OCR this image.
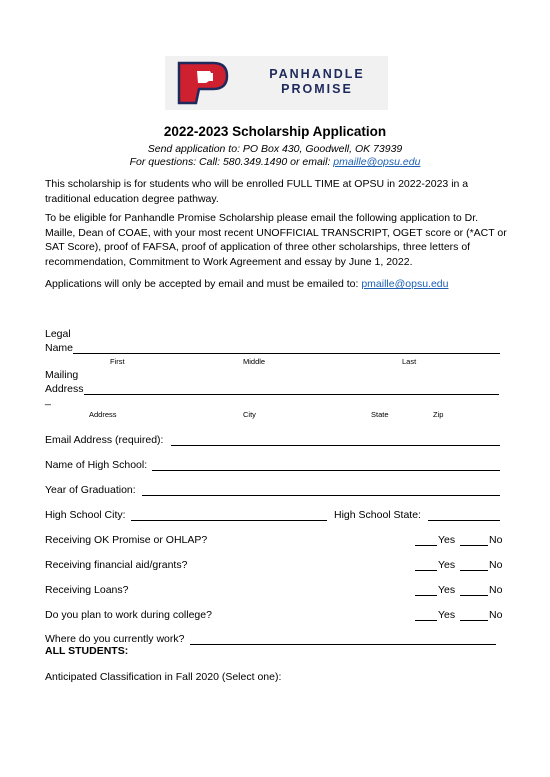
PANHANDLE
PROMISE
2022-2023 Scholarship Application
Send application to: PO Box 430, Goodwell, OK 73939
For questions: Call: 580.349.1490 or email: pmaille@opsu.edu
This scholarship is for students who will be enrolled FULL TIME at OPSU in 2022-2023 in a traditional education degree pathway.
To be eligible for Panhandle Promise Scholarship please email the following application to Dr. Maille, Dean of COAE, with your most recent UNOFFICIAL TRANSCRIPT, OGET score or (*ACT or SAT Score), proof of FAFSA, proof of application of three other scholarships, three letters of recommendation, Commitment to Work Agreement and essay by June 1, 2022.
Applications will only be accepted by email and must be emailed to: pmaille@opsu.edu
Legal
Name
First	Middle	Last
Mailing
Address
_
Address	City	State	Zip
Email Address (required):
Name of High School:
Year of Graduation:
High School City:	High School State:
Receiving OK Promise or OHLAP?	Yes	No
Receiving financial aid/grants?	Yes	No
Receiving Loans?	Yes	No
Do you plan to work during college?	Yes	No
Where do you currently work?
ALL STUDENTS:
Anticipated Classification in Fall 2020 (Select one):
